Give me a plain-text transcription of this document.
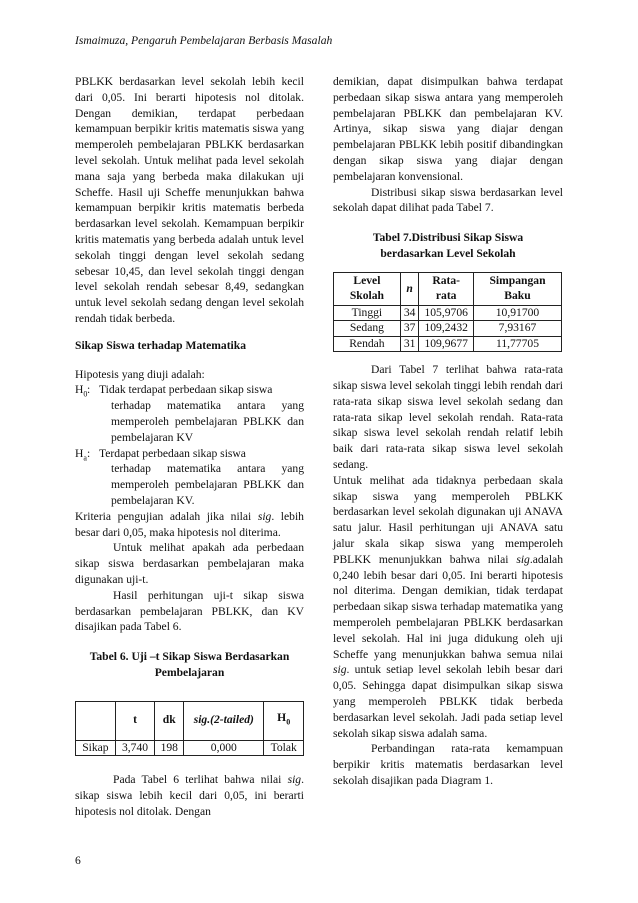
Ismaimuza, Pengaruh Pembelajaran Berbasis Masalah

PBLKK berdasarkan level sekolah lebih kecil dari 0,05. Ini berarti hipotesis nol ditolak. Dengan demikian, terdapat perbedaan kemampuan berpikir kritis matematis siswa yang memperoleh pembelajaran PBLKK berdasarkan level sekolah. Untuk melihat pada level sekolah mana saja yang berbeda maka dilakukan uji Scheffe. Hasil uji Scheffe menunjukkan bahwa kemampuan berpikir kritis matematis berbeda berdasarkan level sekolah. Kemampuan berpikir kritis matematis yang berbeda adalah untuk level sekolah tinggi dengan level sekolah sedang sebesar 10,45, dan level sekolah tinggi dengan level sekolah rendah sebesar 8,49, sedangkan untuk level sekolah sedang dengan level sekolah rendah tidak berbeda.

Sikap Siswa terhadap Matematika

Hipotesis yang diuji adalah:

$H_0$ : Tidak terdapat perbedaan sikap siswa
terhadap matematika antara yang memperoleh pembelajaran PBLKK dan pembelajaran KV
$H_a$ : Terdapat perbedaan sikap siswa
terhadap matematika antara yang memperoleh pembelajaran PBLKK dan pembelajaran KV.

Kriteria pengujian adalah jika nilai sig. lebih besar dari 0,05, maka hipotesis nol diterima.

Untuk melihat apakah ada perbedaan sikap siswa berdasarkan pembelajaran maka digunakan uji-t.

Hasil perhitungan uji-t sikap siswa berdasarkan pembelajaran PBLKK, dan KV disajikan pada Tabel 6.

Tabel 6. Uji –t Sikap Siswa Berdasarkan Pembelajaran

	t	dk	sig.(2-tailed)	$H_0$
Sikap	3,740	198	0,000	Tolak

Pada Tabel 6 terlihat bahwa nilai sig. sikap siswa lebih kecil dari 0,05, ini berarti hipotesis nol ditolak. Dengan

demikian, dapat disimpulkan bahwa terdapat perbedaan sikap siswa antara yang memperoleh pembelajaran PBLKK dan pembelajaran KV. Artinya, sikap siswa yang diajar dengan pembelajaran PBLKK lebih positif dibandingkan dengan sikap siswa yang diajar dengan pembelajaran konvensional.

Distribusi sikap siswa berdasarkan level sekolah dapat dilihat pada Tabel 7.

Tabel 7.Distribusi Sikap Siswa berdasarkan Level Sekolah

Level Skolah	n	Rata-rata	Simpangan Baku
Tinggi	34	105,9706	10,91700
Sedang	37	109,2432	7,93167
Rendah	31	109,9677	11,77705

Dari Tabel 7 terlihat bahwa rata-rata sikap siswa level sekolah tinggi lebih rendah dari rata-rata sikap siswa level sekolah sedang dan rata-rata sikap level sekolah rendah. Rata-rata sikap siswa level sekolah rendah relatif lebih baik dari rata-rata sikap siswa level sekolah sedang.

Untuk melihat ada tidaknya perbedaan skala sikap siswa yang memperoleh PBLKK berdasarkan level sekolah digunakan uji ANAVA satu jalur. Hasil perhitungan uji ANAVA satu jalur skala sikap siswa yang memperoleh PBLKK menunjukkan bahwa nilai sig.adalah 0,240 lebih besar dari 0,05. Ini berarti hipotesis nol diterima. Dengan demikian, tidak terdapat perbedaan sikap siswa terhadap matematika yang memperoleh pembelajaran PBLKK berdasarkan level sekolah. Hal ini juga didukung oleh uji Scheffe yang menunjukkan bahwa semua nilai sig. untuk setiap level sekolah lebih besar dari 0,05. Sehingga dapat disimpulkan sikap siswa yang memperoleh PBLKK tidak berbeda berdasarkan level sekolah. Jadi pada setiap level sekolah sikap siswa adalah sama.

Perbandingan rata-rata kemampuan berpikir kritis matematis berdasarkan level sekolah disajikan pada Diagram 1.

6
